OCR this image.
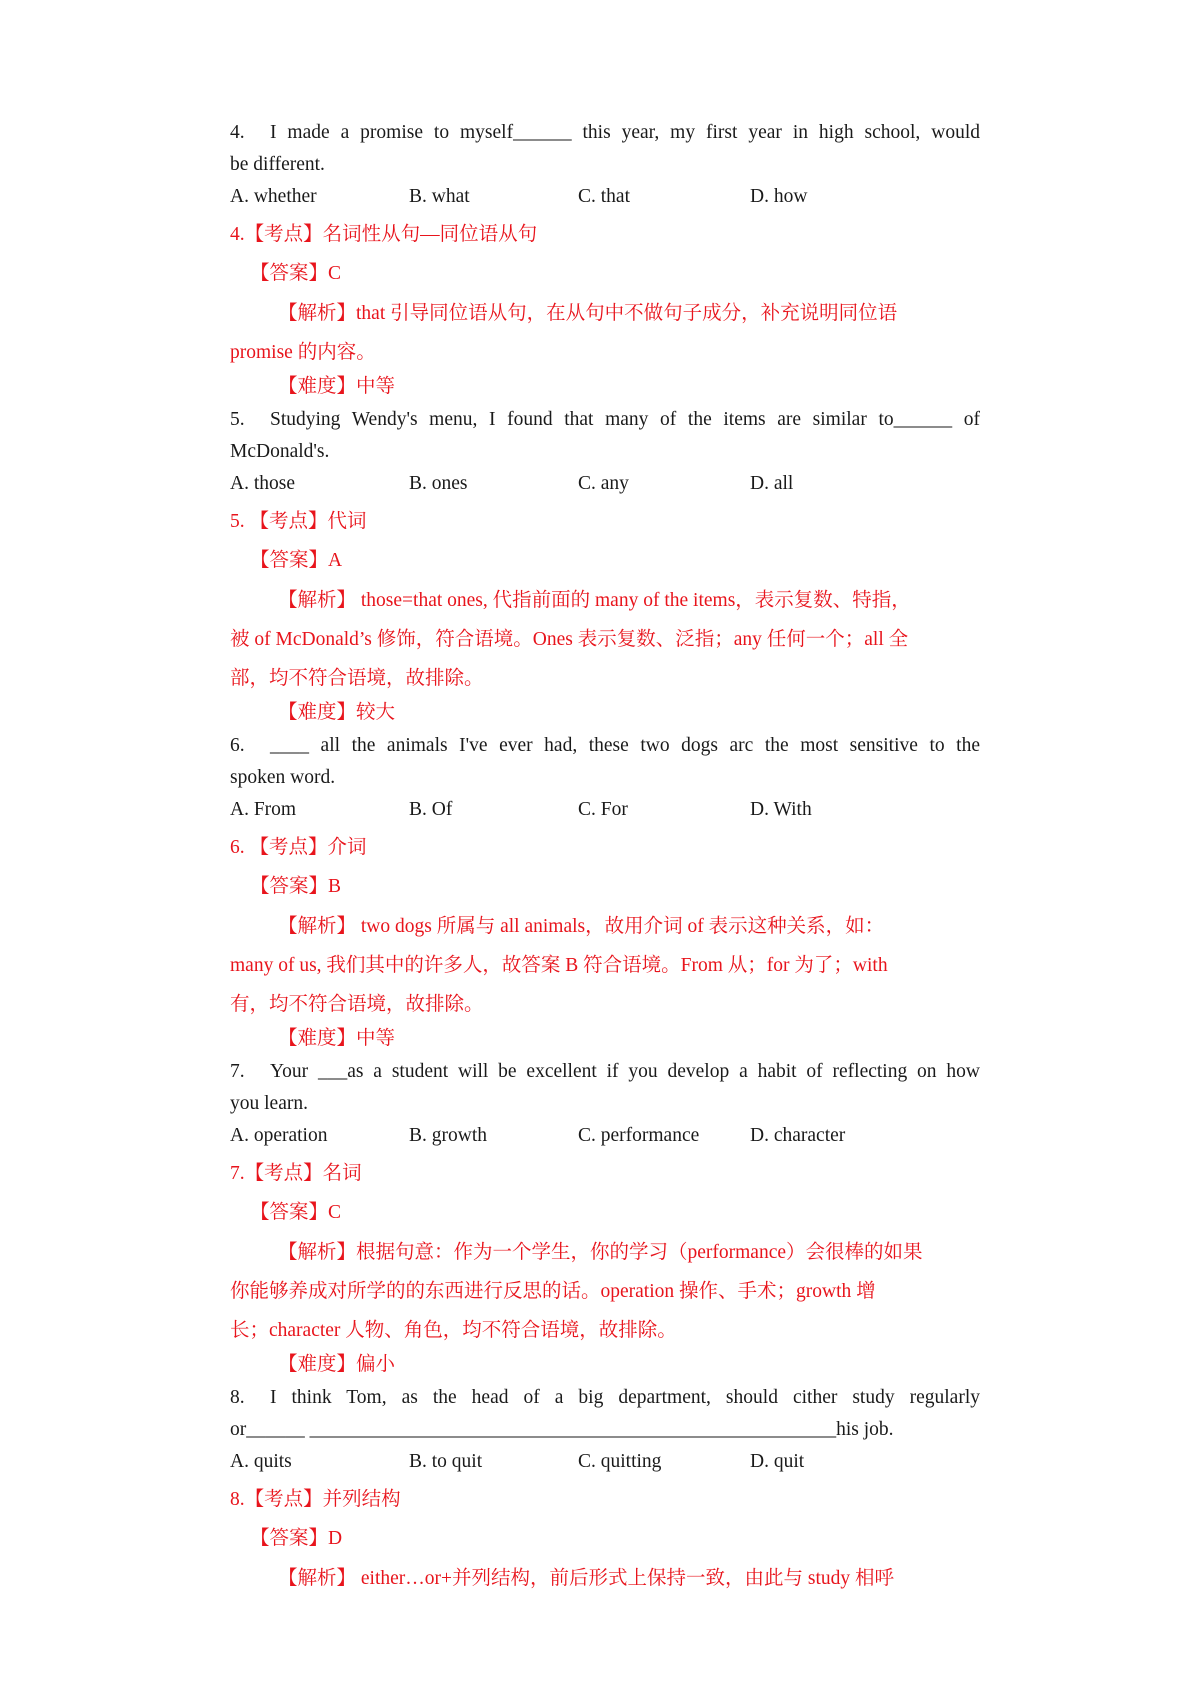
4. I made a promise to myself______ this year, my first year in high school, would
be different.
A. whether	B. what	C. that	D. how
4.【考点】名词性从句—同位语从句
【答案】C
【解析】that 引导同位语从句，在从句中不做句子成分，补充说明同位语
promise 的内容。
【难度】中等
5. Studying Wendy's menu, I found that many of the items are similar to______ of
McDonald's.
A. those	B. ones	C. any	D. all
5. 【考点】代词
【答案】A
【解析】 those=that ones, 代指前面的 many of the items，表示复数、特指，
被 of McDonald’s 修饰，符合语境。Ones 表示复数、泛指；any 任何一个；all 全
部，均不符合语境，故排除。
【难度】较大
6. ____ all the animals I've ever had, these two dogs arc the most sensitive to the
spoken word.
A. From	B. Of	C. For	D. With
6. 【考点】介词
【答案】B
【解析】 two dogs 所属与 all animals，故用介词 of 表示这种关系，如：
many of us, 我们其中的许多人，故答案 B 符合语境。From 从；for 为了；with
有，均不符合语境，故排除。
【难度】中等
7. Your ___as a student will be excellent if you develop a habit of reflecting on how
you learn.
A. operation	B. growth	C. performance	D. character
7.【考点】名词
【答案】C
【解析】根据句意：作为一个学生，你的学习（performance）会很棒的如果
你能够养成对所学的的东西进行反思的话。operation 操作、手术；growth 增
长；character 人物、角色，均不符合语境，故排除。
【难度】偏小
8. I think Tom, as the head of a big department, should cither study regularly
or______ ______________________________________________________his job.
A. quits	B. to quit	C. quitting	D. quit
8.【考点】并列结构
【答案】D
【解析】 either…or+并列结构，前后形式上保持一致，由此与 study 相呼
